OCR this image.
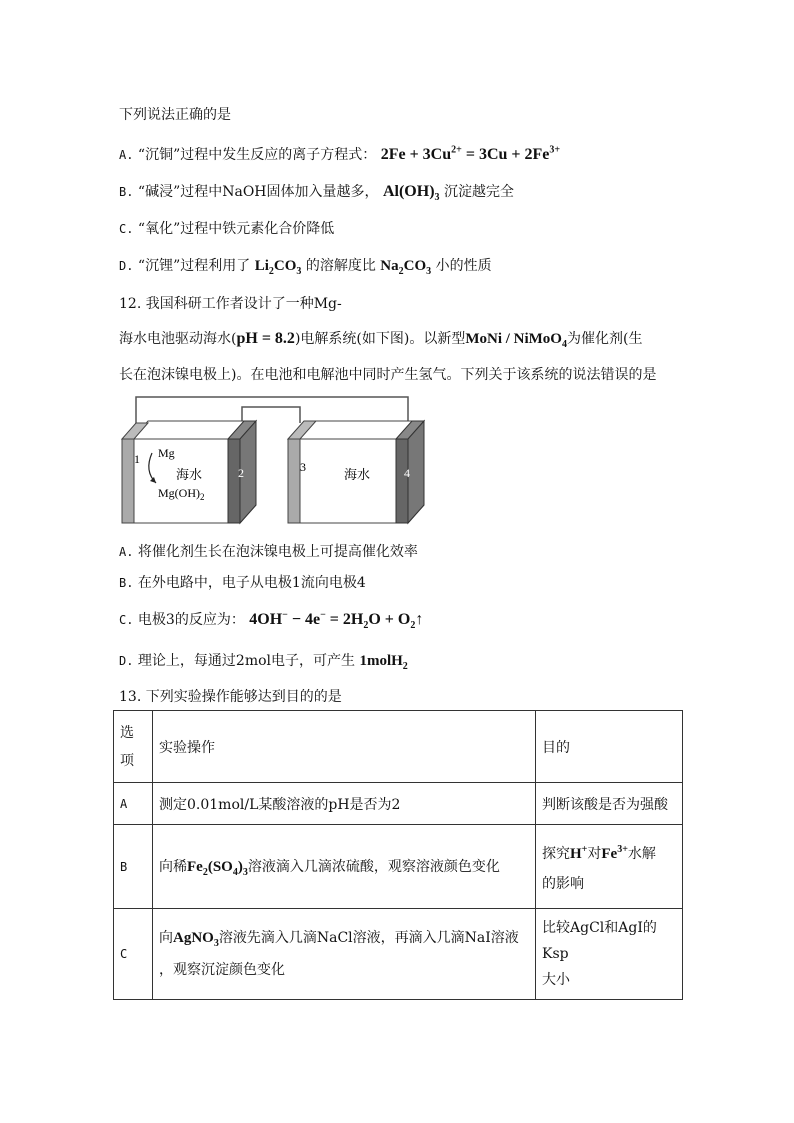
下列说法正确的是
A. “沉铜”过程中发生反应的离子方程式： $2Fe + 3Cu^{2+} = 3Cu + 2Fe^{3+}$
B. “碱浸”过程中NaOH固体加入量越多， $Al(OH)_3$ 沉淀越完全
C. “氧化”过程中铁元素化合价降低
D. “沉锂”过程利用了 $Li_2CO_3$ 的溶解度比 $Na_2CO_3$ 小的性质
12. 我国科研工作者设计了一种Mg-
海水电池驱动海水(pH = 8.2)电解系统(如下图)。以新型MoNi / NiMoO$_4$为催化剂(生
长在泡沫镍电极上)。在电池和电解池中同时产生氢气。下列关于该系统的说法错误的是
1
2	3	4
Mg
海水
$Mg(OH)_2$
海水
A. 将催化剂生长在泡沫镍电极上可提高催化效率
B. 在外电路中，电子从电极1流向电极4
C. 电极3的反应为： $4OH^- - 4e^- = 2H_2O$ + $O_2↑$
D. 理论上，每通过2mol电子，可产生 1molH$_2$
13. 下列实验操作能够达到目的的是
选项	实验操作	目的
A	测定0.01mol/L某酸溶液的pH是否为2	判断该酸是否为强酸
B	向稀$Fe_2(SO_4)_3$溶液滴入几滴浓硫酸，观察溶液颜色变化	探究H+对$Fe^{3+}$水解
的影响
C	向AgNO$_3$溶液先滴入几滴NaCl溶液，再滴入几滴NaI溶液
，观察沉淀颜色变化	比较AgCl和AgI的Ksp
大小
